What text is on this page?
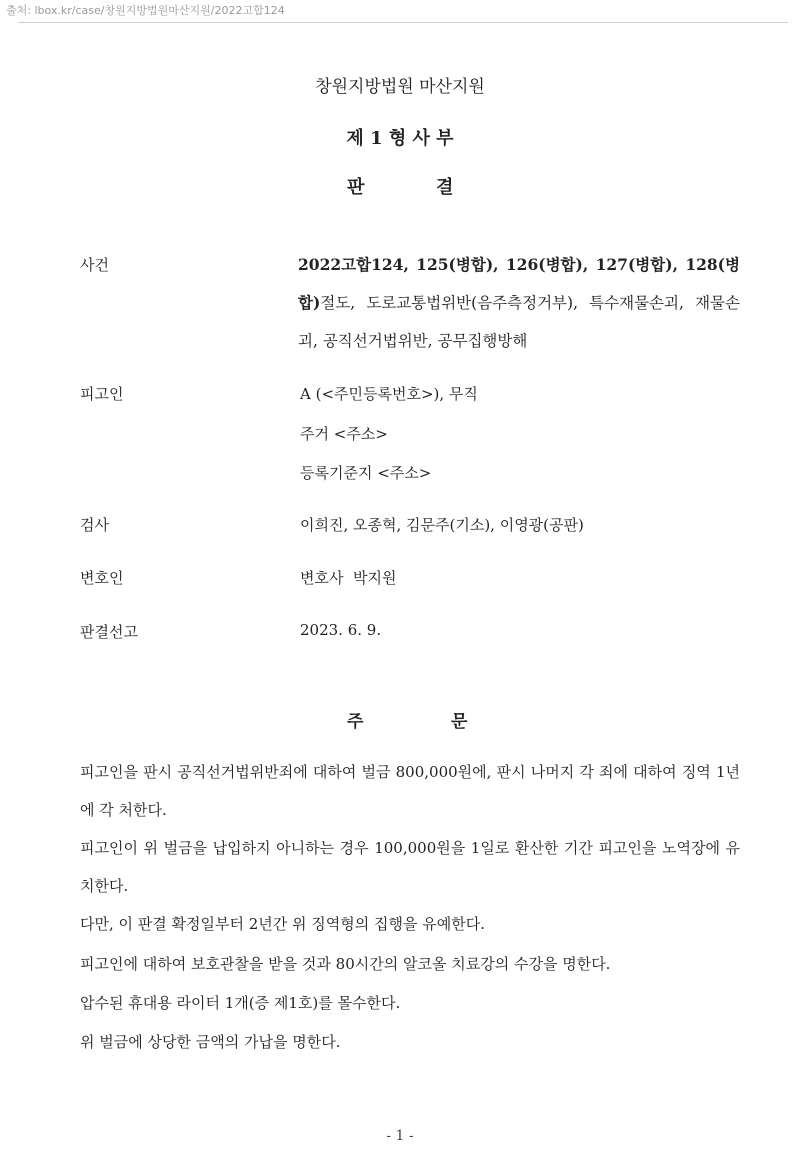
출처: lbox.kr/case/창원지방법원마산지원/2022고합124
창원지방법원 마산지원
제 1 형 사 부
판	결
사건	2022고합124, 125(병합), 126(병합), 127(병합), 128(병합)절도, 도로교통법위반(음주측정거부), 특수재물손괴, 재물손괴, 공직선거법위반, 공무집행방해
피고인	A (<주민등록번호>), 무직
주거 <주소>
등록기준지 <주소>
검사	이희진, 오종혁, 김문주(기소), 이영광(공판)
변호인	변호사  박지원
판결선고	2023. 6. 9.
주	문
피고인을 판시 공직선거법위반죄에 대하여 벌금 800,000원에, 판시 나머지 각 죄에 대하여 징역 1년에 각 처한다.
피고인이 위 벌금을 납입하지 아니하는 경우 100,000원을 1일로 환산한 기간 피고인을 노역장에 유치한다.
다만, 이 판결 확정일부터 2년간 위 징역형의 집행을 유예한다.
피고인에 대하여 보호관찰을 받을 것과 80시간의 알코올 치료강의 수강을 명한다.
압수된 휴대용 라이터 1개(증 제1호)를 몰수한다.
위 벌금에 상당한 금액의 가납을 명한다.
- 1 -
